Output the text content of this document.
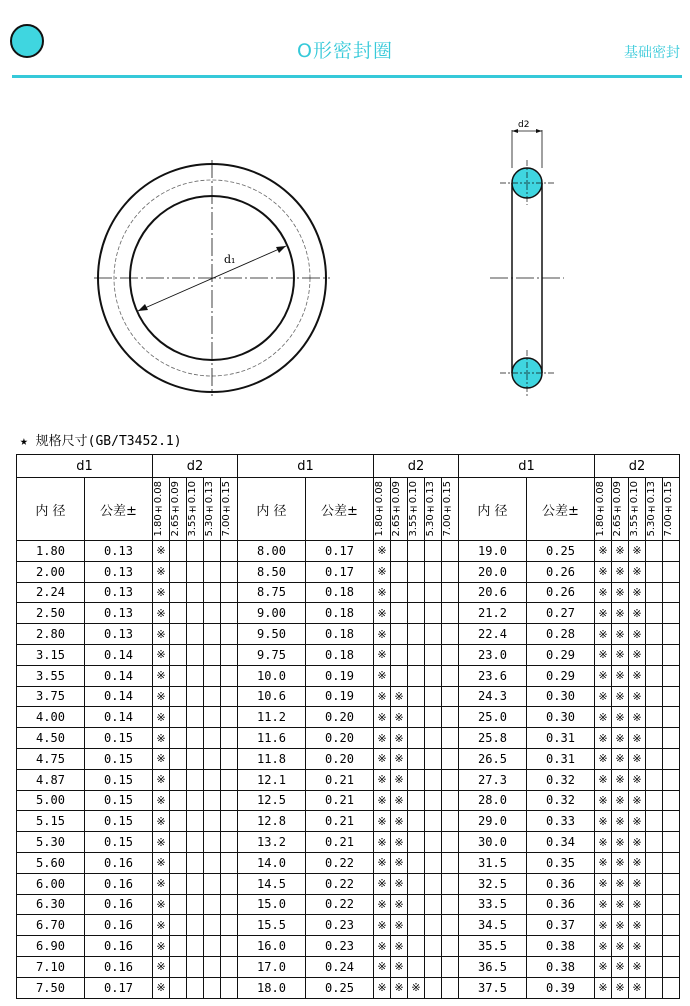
O形密封圈	基础密封
d₁
d2
★ 规格尺寸(GB/T3452.1)
d1		d2					d1		d2					d1		d2				
内 径	公差±	1.80±0.08	2.65±0.09	3.55±0.10	5.30±0.13	7.00±0.15	内 径	公差±	1.80±0.08	2.65±0.09	3.55±0.10	5.30±0.13	7.00±0.15	内 径	公差±	1.80±0.08	2.65±0.09	3.55±0.10	5.30±0.13	7.00±0.15

1.80	0.13	※					8.00	0.17	※					19.0	0.25	※	※	※		
2.00	0.13	※					8.50	0.17	※					20.0	0.26	※	※	※		
2.24	0.13	※					8.75	0.18	※					20.6	0.26	※	※	※		
2.50	0.13	※					9.00	0.18	※					21.2	0.27	※	※	※		
2.80	0.13	※					9.50	0.18	※					22.4	0.28	※	※	※		
3.15	0.14	※					9.75	0.18	※					23.0	0.29	※	※	※		
3.55	0.14	※					10.0	0.19	※					23.6	0.29	※	※	※		
3.75	0.14	※					10.6	0.19	※	※				24.3	0.30	※	※	※		
4.00	0.14	※					11.2	0.20	※	※				25.0	0.30	※	※	※		
4.50	0.15	※					11.6	0.20	※	※				25.8	0.31	※	※	※		
4.75	0.15	※					11.8	0.20	※	※				26.5	0.31	※	※	※		
4.87	0.15	※					12.1	0.21	※	※				27.3	0.32	※	※	※		
5.00	0.15	※					12.5	0.21	※	※				28.0	0.32	※	※	※		
5.15	0.15	※					12.8	0.21	※	※				29.0	0.33	※	※	※		
5.30	0.15	※					13.2	0.21	※	※				30.0	0.34	※	※	※		
5.60	0.16	※					14.0	0.22	※	※				31.5	0.35	※	※	※		
6.00	0.16	※					14.5	0.22	※	※				32.5	0.36	※	※	※		
6.30	0.16	※					15.0	0.22	※	※				33.5	0.36	※	※	※		
6.70	0.16	※					15.5	0.23	※	※				34.5	0.37	※	※	※		
6.90	0.16	※					16.0	0.23	※	※				35.5	0.38	※	※	※		
7.10	0.16	※					17.0	0.24	※	※				36.5	0.38	※	※	※		
7.50	0.17	※					18.0	0.25	※	※	※			37.5	0.39	※	※	※		
